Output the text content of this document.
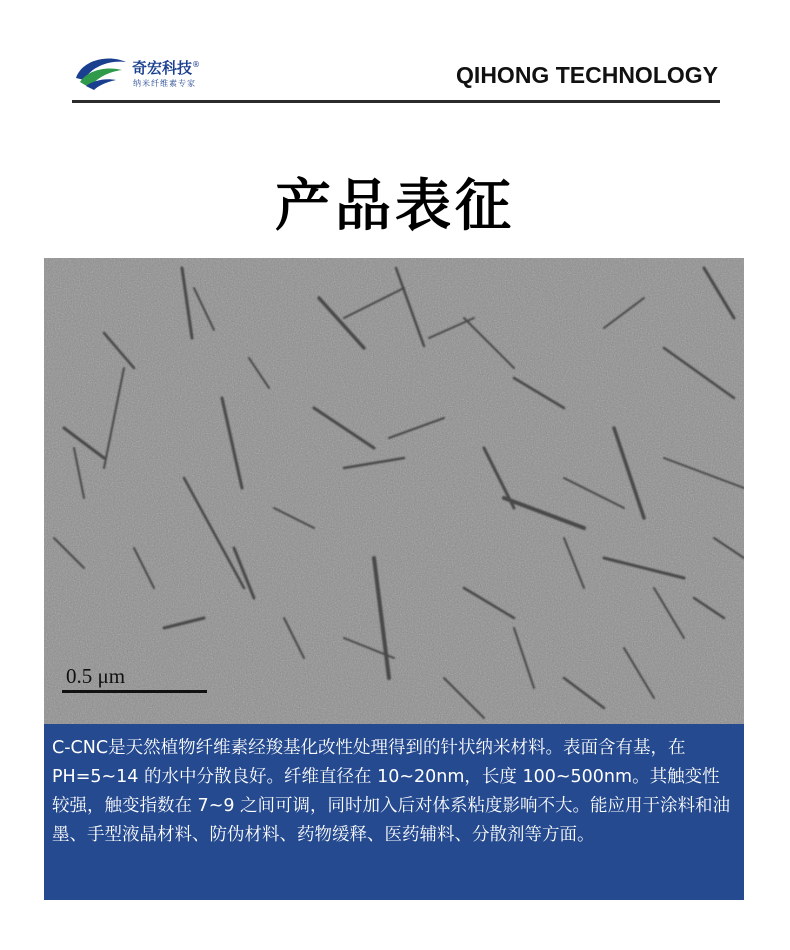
奇宏科技®
纳米纤维素专家	QIHONG TECHNOLOGY
产品表征
0.5 μm
C-CNC是天然植物纤维素经羧基化改性处理得到的针状纳米材料。表面含有基，在PH=5~14 的水中分散良好。纤维直径在 10~20nm，长度 100~500nm。其触变性较强，触变指数在 7~9 之间可调，同时加入后对体系粘度影响不大。能应用于涂料和油墨、手型液晶材料、防伪材料、药物缓释、医药辅料、分散剂等方面。
